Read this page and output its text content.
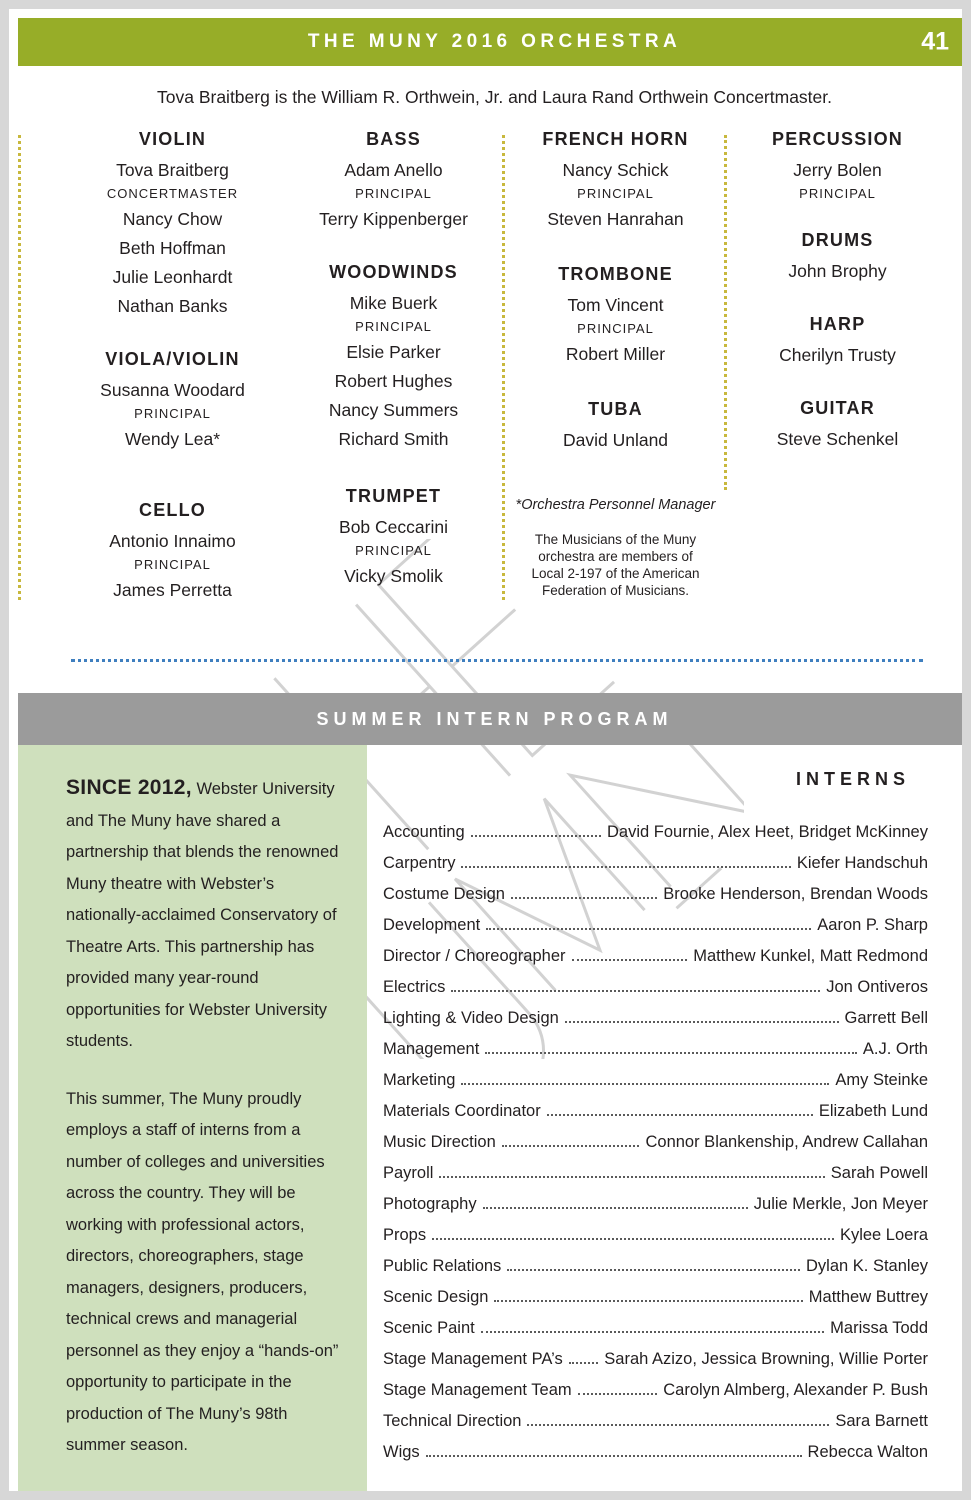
THE MUNY 2016 ORCHESTRA	41
Tova Braitberg is the William R. Orthwein, Jr. and Laura Rand Orthwein Concertmaster.
VIOLIN
Tova Braitberg
CONCERTMASTER
Nancy Chow
Beth Hoffman
Julie Leonhardt
Nathan Banks
VIOLA/VIOLIN
Susanna Woodard
PRINCIPAL
Wendy Lea*
CELLO
Antonio Innaimo
PRINCIPAL
James Perretta
BASS
Adam Anello
PRINCIPAL
Terry Kippenberger
WOODWINDS
Mike Buerk
PRINCIPAL
Elsie Parker
Robert Hughes
Nancy Summers
Richard Smith
TRUMPET
Bob Ceccarini
PRINCIPAL
Vicky Smolik
FRENCH HORN
Nancy Schick
PRINCIPAL
Steven Hanrahan
TROMBONE
Tom Vincent
PRINCIPAL
Robert Miller
TUBA
David Unland
*Orchestra Personnel Manager
The Musicians of the Muny orchestra are members of Local 2-197 of the American Federation of Musicians.
PERCUSSION
Jerry Bolen
PRINCIPAL
DRUMS
John Brophy
HARP
Cherilyn Trusty
GUITAR
Steve Schenkel
SUMMER INTERN PROGRAM

SINCE 2012, Webster University and The Muny have shared a partnership that blends the renowned Muny theatre with Webster’s nationally-acclaimed Conservatory of Theatre Arts. This partnership has provided many year-round opportunities for Webster University students.

This summer, The Muny proudly employs a staff of interns from a number of colleges and universities across the country. They will be working with professional actors, directors, choreographers, stage managers, designers, producers, technical crews and managerial personnel as they enjoy a “hands-on” opportunity to participate in the production of The Muny’s 98th summer season.

INTERNS
Accounting	David Fournie, Alex Heet, Bridget McKinney
Carpentry	Kiefer Handschuh
Costume Design	Brooke Henderson, Brendan Woods
Development	Aaron P. Sharp
Director / Choreographer	Matthew Kunkel, Matt Redmond
Electrics	Jon Ontiveros
Lighting & Video Design	Garrett Bell
Management	A.J. Orth
Marketing	Amy Steinke
Materials Coordinator	Elizabeth Lund
Music Direction	Connor Blankenship, Andrew Callahan
Payroll	Sarah Powell
Photography	Julie Merkle, Jon Meyer
Props	Kylee Loera
Public Relations	Dylan K. Stanley
Scenic Design	Matthew Buttrey
Scenic Paint	Marissa Todd
Stage Management PA’s	Sarah Azizo, Jessica Browning, Willie Porter
Stage Management Team	Carolyn Almberg, Alexander P. Bush
Technical Direction	Sara Barnett
Wigs	Rebecca Walton
